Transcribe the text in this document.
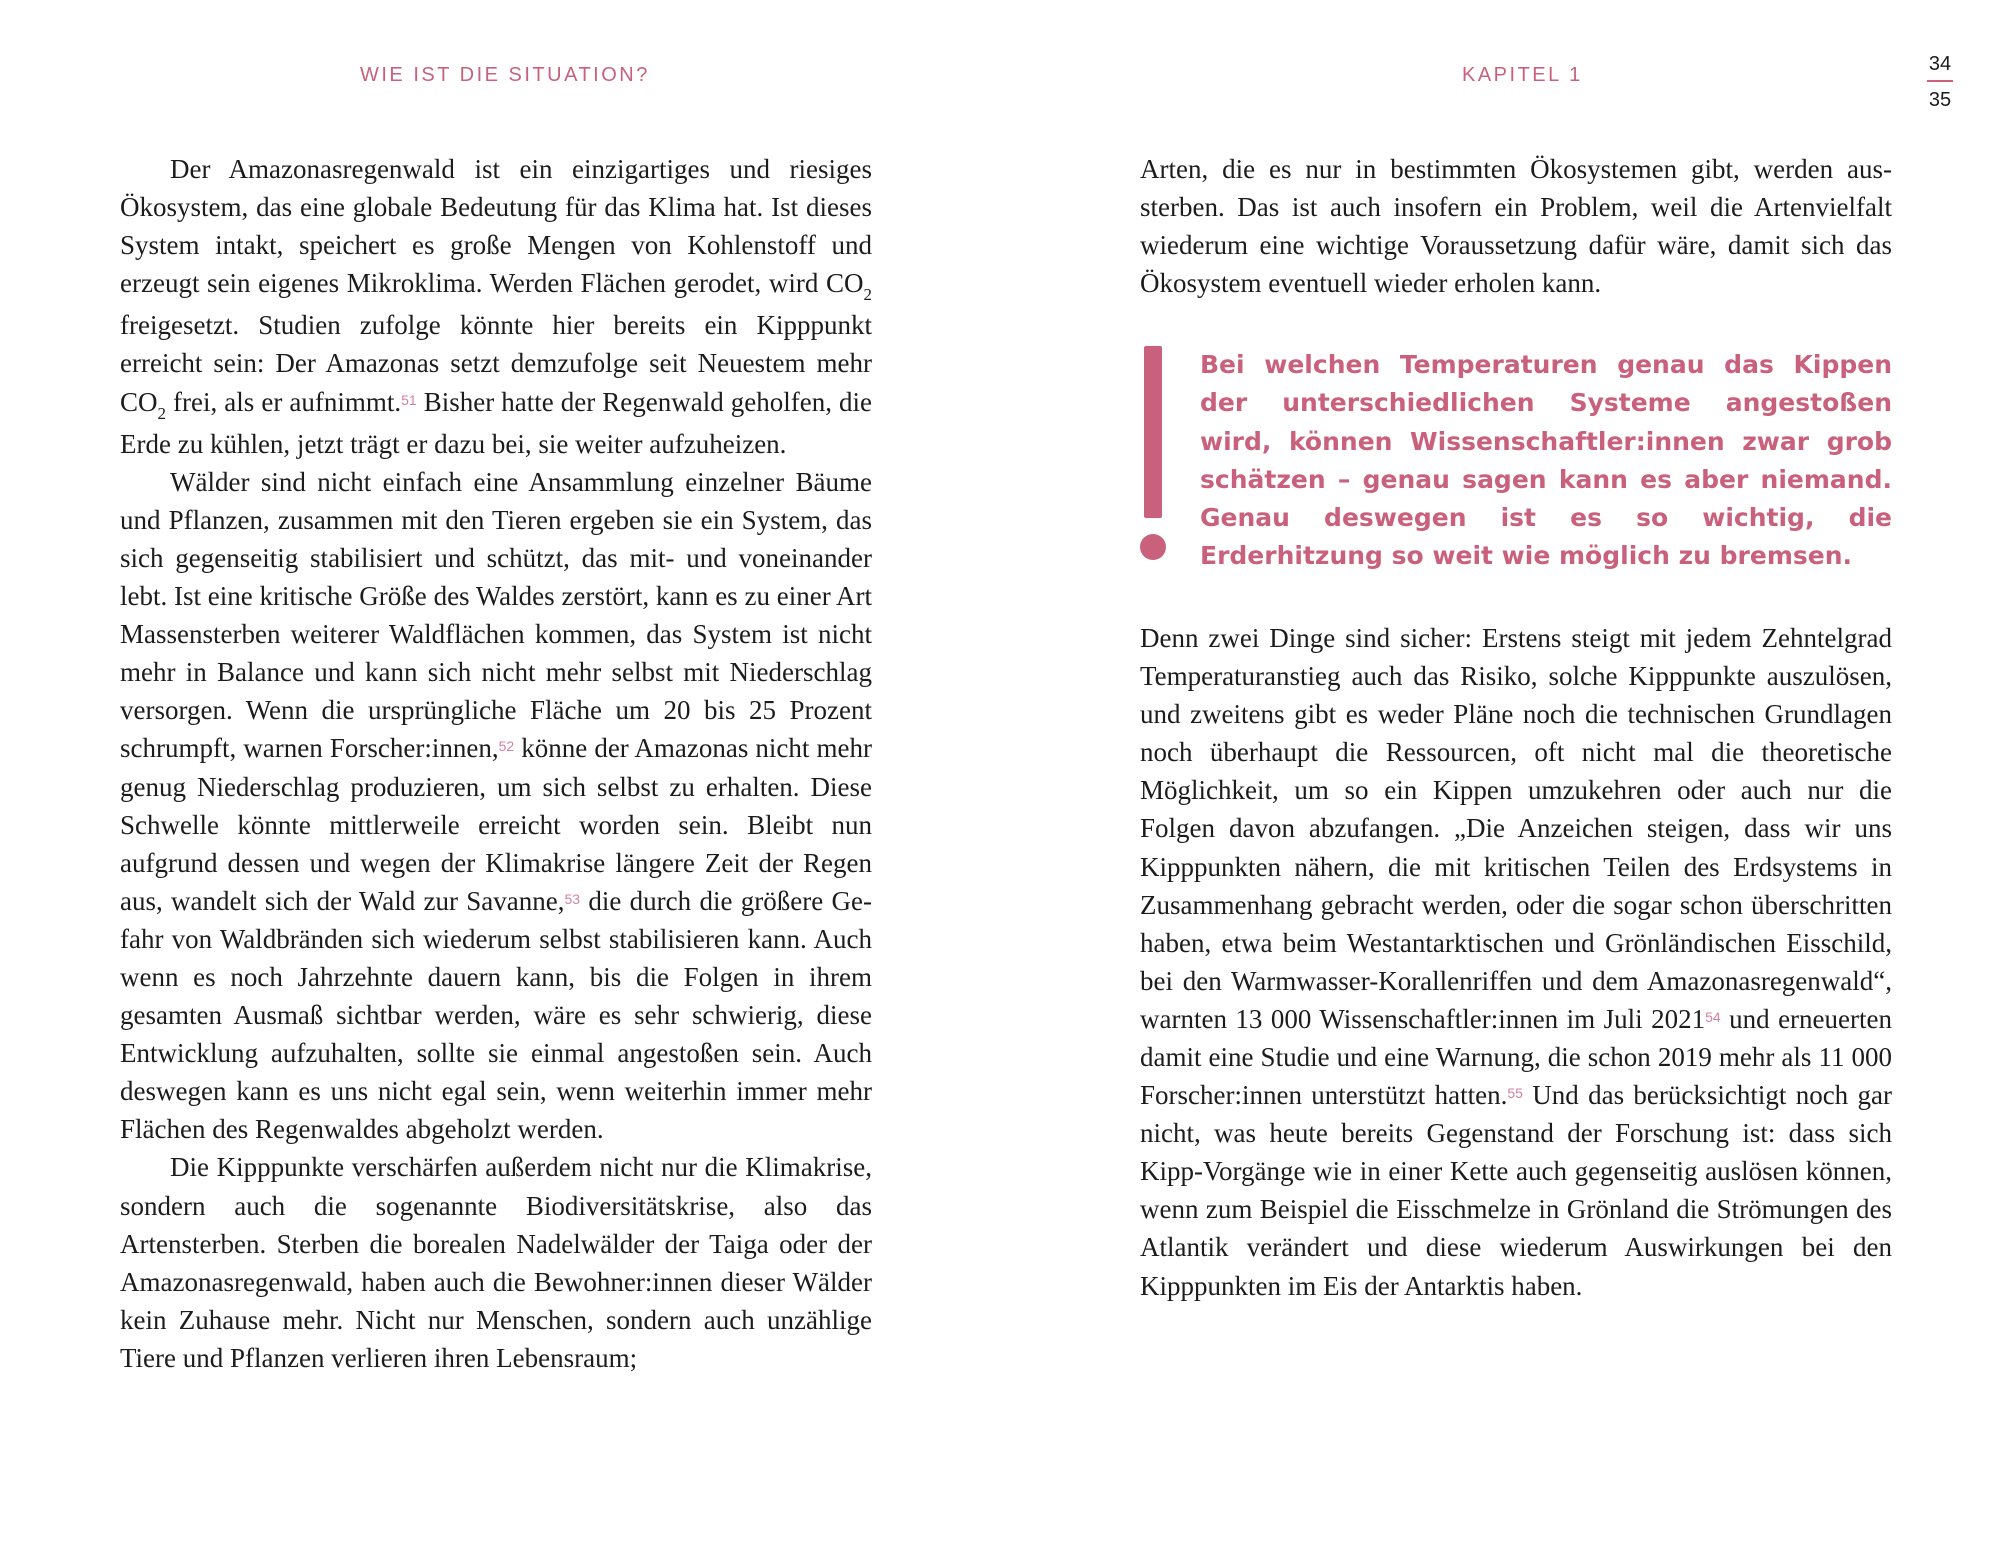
WIE IST DIE SITUATION?	KAPITEL 1	34
35

Der Amazonasregenwald ist ein einzigartiges und riesiges Ökosystem, das eine globale Bedeutung für das Klima hat. Ist dieses System intakt, speichert es große Mengen von Kohlenstoff und erzeugt sein eigenes Mikroklima. Werden Flächen gerodet, wird $CO_2$ freigesetzt. Studien zufolge könnte hier bereits ein Kipppunkt erreicht sein: Der Amazonas setzt demzufolge seit Neuestem mehr $CO_2$ frei, als er aufnimmt.$^{51}$ Bisher hatte der Regenwald geholfen, die Erde zu kühlen, jetzt trägt er dazu bei, sie weiter aufzuheizen.

Wälder sind nicht einfach eine Ansammlung einzelner Bäume und Pflanzen, zusammen mit den Tieren ergeben sie ein System, das sich gegenseitig stabilisiert und schützt, das mit- und voneinander lebt. Ist eine kritische Größe des Waldes zerstört, kann es zu einer Art Massensterben weiterer Waldflächen kommen, das System ist nicht mehr in Balance und kann sich nicht mehr selbst mit Niederschlag versorgen. Wenn die ursprüngliche Fläche um 20 bis 25 Prozent schrumpft, warnen Forscher:innen,$^{52}$ könne der Amazonas nicht mehr genug Niederschlag produzieren, um sich selbst zu erhalten. Diese Schwelle könnte mittlerweile erreicht worden sein. Bleibt nun aufgrund dessen und wegen der Klimakrise längere Zeit der Regen aus, wandelt sich der Wald zur Savanne,$^{53}$ die durch die größere Gefahr von Waldbränden sich wiederum selbst stabilisieren kann. Auch wenn es noch Jahrzehnte dauern kann, bis die Folgen in ihrem gesamten Ausmaß sichtbar werden, wäre es sehr schwierig, diese Entwicklung aufzuhalten, sollte sie einmal angestoßen sein. Auch deswegen kann es uns nicht egal sein, wenn weiterhin immer mehr Flächen des Regenwaldes abgeholzt werden.

Die Kipppunkte verschärfen außerdem nicht nur die Klimakrise, sondern auch die sogenannte Biodiversitätskrise, also das Artensterben. Sterben die borealen Nadelwälder der Taiga oder der Amazonasregenwald, haben auch die Bewohner:innen dieser Wälder kein Zuhause mehr. Nicht nur Menschen, sondern auch unzählige Tiere und Pflanzen verlieren ihren Lebensraum;

Arten, die es nur in bestimmten Ökosystemen gibt, werden aussterben. Das ist auch insofern ein Problem, weil die Artenvielfalt wiederum eine wichtige Voraussetzung dafür wäre, damit sich das Ökosystem eventuell wieder erholen kann.

Bei welchen Temperaturen genau das Kippen der unterschiedlichen Systeme angestoßen wird, können Wissenschaftler:innen zwar grob schätzen – genau sagen kann es aber niemand. Genau deswegen ist es so wichtig, die Erderhitzung so weit wie möglich zu bremsen.

Denn zwei Dinge sind sicher: Erstens steigt mit jedem Zehntelgrad Temperaturanstieg auch das Risiko, solche Kipppunkte auszulösen, und zweitens gibt es weder Pläne noch die technischen Grundlagen noch überhaupt die Ressourcen, oft nicht mal die theoretische Möglichkeit, um so ein Kippen umzukehren oder auch nur die Folgen davon abzufangen. „Die Anzeichen steigen, dass wir uns Kipppunkten nähern, die mit kritischen Teilen des Erdsystems in Zusammenhang gebracht werden, oder die sogar schon überschritten haben, etwa beim Westantarktischen und Grönländischen Eisschild, bei den Warmwasser-Korallenriffen und dem Amazonasregenwald“, warnten 13 000 Wissenschaftler:innen im Juli 2021$^{54}$ und erneuerten damit eine Studie und eine Warnung, die schon 2019 mehr als 11 000 Forscher:innen unterstützt hatten.$^{55}$ Und das berücksichtigt noch gar nicht, was heute bereits Gegenstand der Forschung ist: dass sich Kipp-Vorgänge wie in einer Kette auch gegenseitig auslösen können, wenn zum Beispiel die Eisschmelze in Grönland die Strömungen des Atlantik verändert und diese wiederum Auswirkungen bei den Kipppunkten im Eis der Antarktis haben.
